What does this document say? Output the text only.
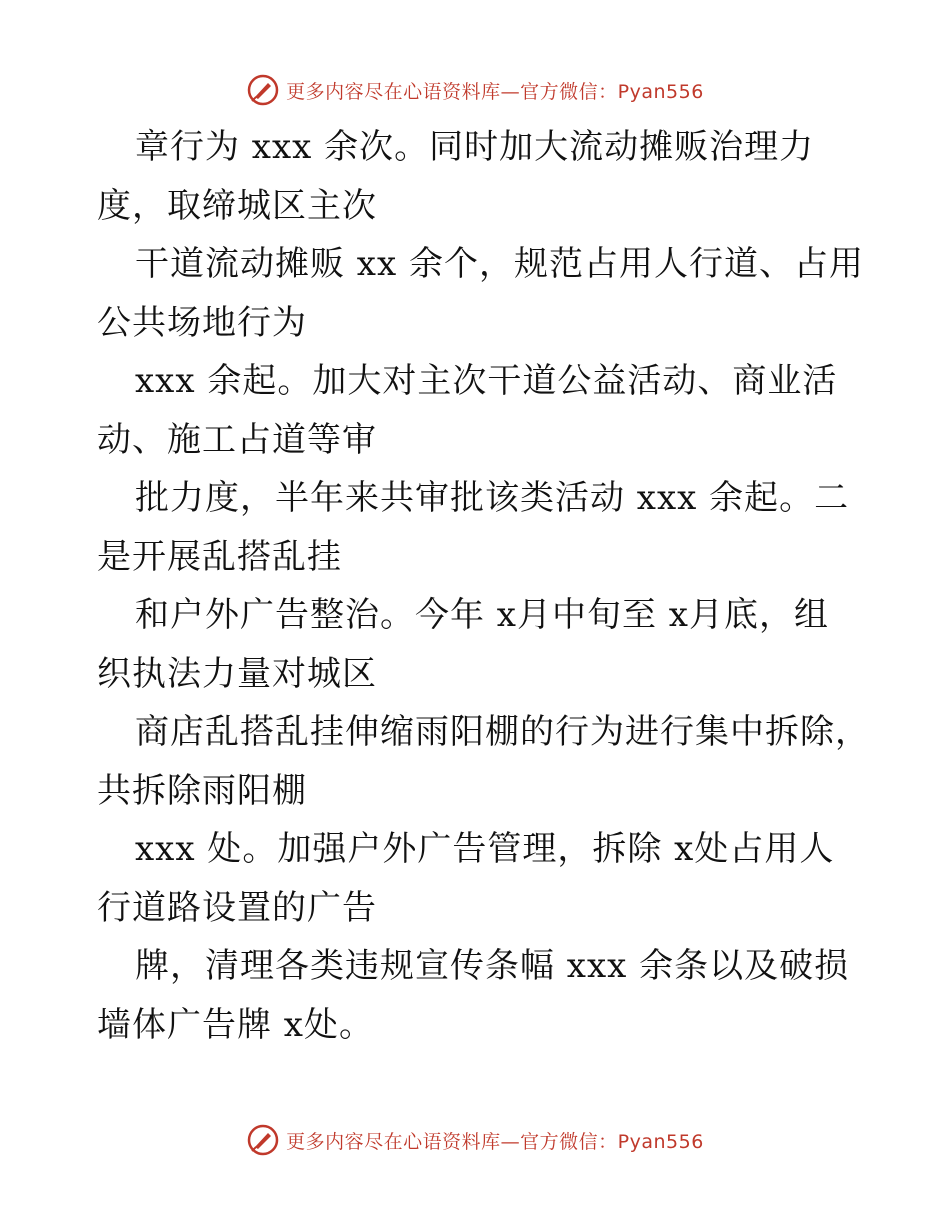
更多内容尽在心语资料库—官方微信：Pyan556
章行为 xxx 余次。同时加大流动摊贩治理力
度，取缔城区主次
干道流动摊贩 xx 余个，规范占用人行道、占用
公共场地行为
xxx 余起。加大对主次干道公益活动、商业活
动、施工占道等审
批力度，半年来共审批该类活动 xxx 余起。二
是开展乱搭乱挂
和户外广告整治。今年 x月中旬至 x月底，组
织执法力量对城区
商店乱搭乱挂伸缩雨阳棚的行为进行集中拆除，
共拆除雨阳棚
xxx 处。加强户外广告管理，拆除 x处占用人
行道路设置的广告
牌，清理各类违规宣传条幅 xxx 余条以及破损
墙体广告牌 x处。
更多内容尽在心语资料库—官方微信：Pyan556
